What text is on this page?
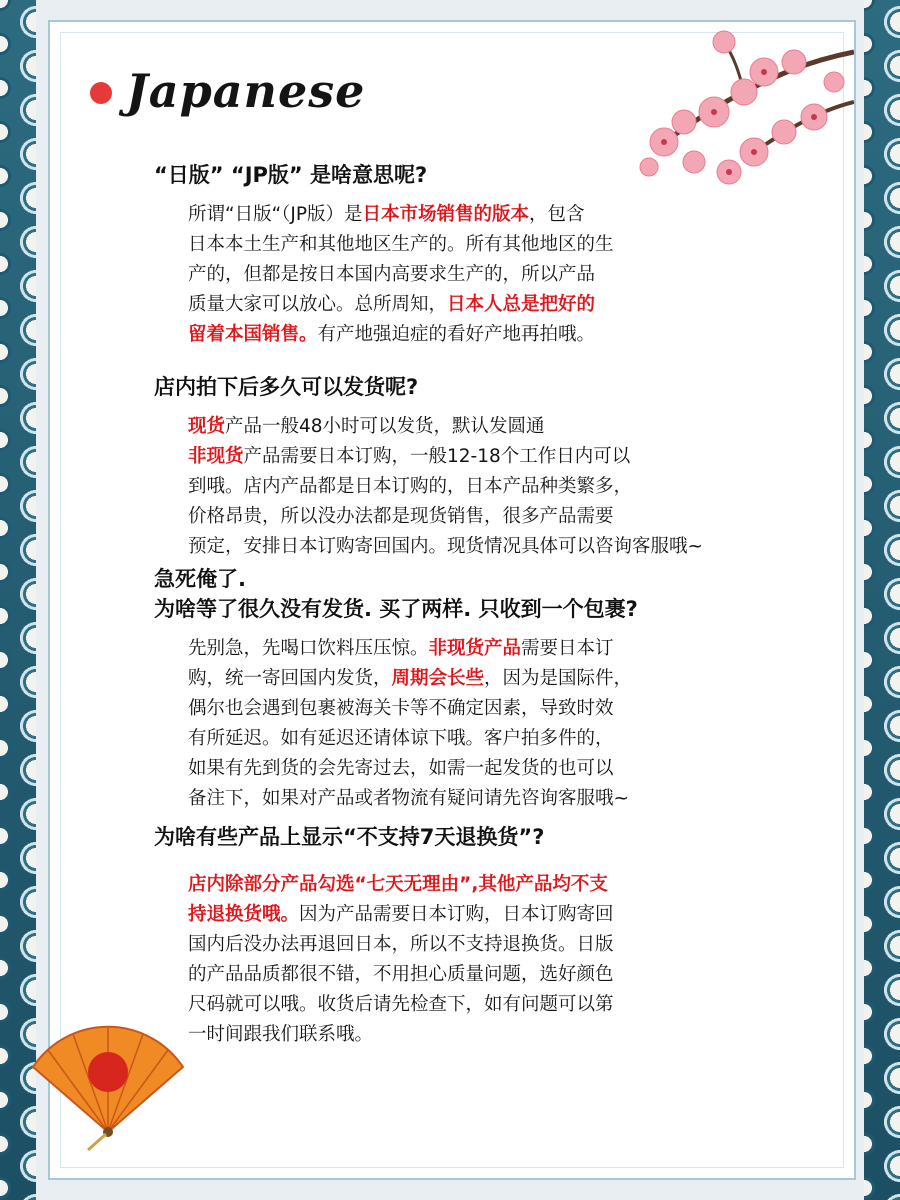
Japanese
“日版” “JP版” 是啥意思呢?
所谓“日版“（JP版）是日本市场销售的版本，包含
日本本土生产和其他地区生产的。所有其他地区的生
产的，但都是按日本国内高要求生产的，所以产品
质量大家可以放心。总所周知，日本人总是把好的
留着本国销售。有产地强迫症的看好产地再拍哦。
店内拍下后多久可以发货呢?
现货产品一般48小时可以发货，默认发圆通
非现货产品需要日本订购，一般12-18个工作日内可以
到哦。店内产品都是日本订购的，日本产品种类繁多，
价格昂贵，所以没办法都是现货销售，很多产品需要
预定，安排日本订购寄回国内。现货情况具体可以咨询客服哦~
急死俺了.
为啥等了很久没有发货. 买了两样. 只收到一个包裹?
先别急，先喝口饮料压压惊。非现货产品需要日本订
购，统一寄回国内发货，周期会长些，因为是国际件，
偶尔也会遇到包裹被海关卡等不确定因素，导致时效
有所延迟。如有延迟还请体谅下哦。客户拍多件的，
如果有先到货的会先寄过去，如需一起发货的也可以
备注下，如果对产品或者物流有疑问请先咨询客服哦~
为啥有些产品上显示“不支持7天退换货”?
店内除部分产品勾选“七天无理由”,其他产品均不支
持退换货哦。因为产品需要日本订购，日本订购寄回
国内后没办法再退回日本，所以不支持退换货。日版
的产品品质都很不错，不用担心质量问题，选好颜色
尺码就可以哦。收货后请先检查下，如有问题可以第
一时间跟我们联系哦。
